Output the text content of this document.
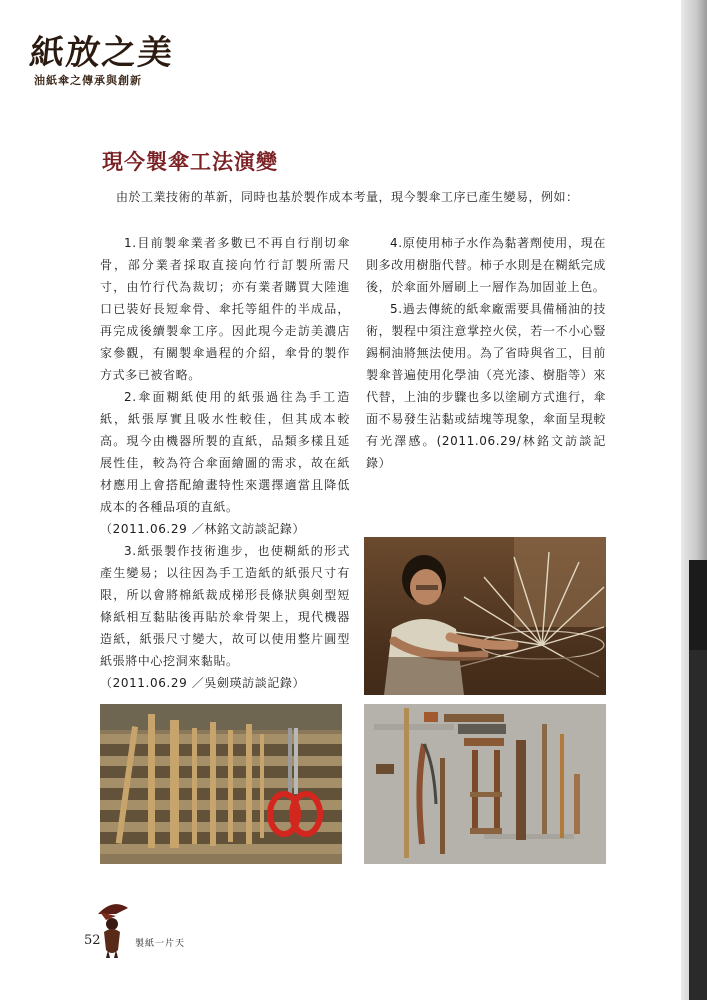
紙放之美
油紙傘之傳承與創新
現今製傘工法演變
由於工業技術的革新，同時也基於製作成本考量，現今製傘工序已產生變易，例如：

1.目前製傘業者多數已不再自行削切傘骨，部分業者採取直接向竹行訂製所需尺寸，由竹行代為裁切；亦有業者購買大陸進口已裝好長短傘骨、傘托等組件的半成品，再完成後續製傘工序。因此現今走訪美濃店家參觀，有關製傘過程的介紹，傘骨的製作方式多已被省略。

2.傘面糊紙使用的紙張過往為手工造紙，紙張厚實且吸水性較佳，但其成本較高。現今由機器所製的直紙，品類多樣且延展性佳，較為符合傘面繪圖的需求，故在紙材應用上會搭配繪畫特性來選擇適當且降低成本的各種品項的直紙。

（2011.06.29 ／林銘文訪談記錄）

3.紙張製作技術進步，也使糊紙的形式產生變易；以往因為手工造紙的紙張尺寸有限，所以會將棉紙裁成梯形長條狀與剣型短條紙相互黏貼後再貼於傘骨架上，現代機器造紙，紙張尺寸變大，故可以使用整片圓型紙張將中心挖洞來黏貼。

（2011.06.29 ／吳劍瑛訪談記錄）

4.原使用柿子水作為黏著劑使用，現在則多改用樹脂代替。柿子水則是在糊紙完成後，於傘面外層刷上一層作為加固並上色。

5.過去傳統的紙傘廠需要具備桶油的技術，製程中須注意掌控火侯，若一不小心豎錫桐油將無法使用。為了省時與省工，目前製傘普遍使用化學油（亮光漆、樹脂等）來代替，上油的步驟也多以塗刷方式進行，傘面不易發生沾黏或結塊等現象，傘面呈現較有光澤感。(2011.06.29/林銘文訪談記錄）

52	製紙一片天
